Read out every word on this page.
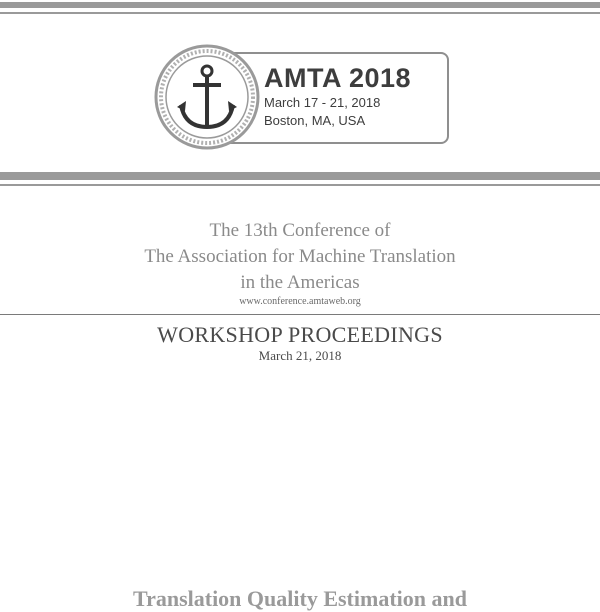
AMTA 2018
March 17 - 21, 2018
Boston, MA, USA
The 13th Conference of
The Association for Machine Translation
in the Americas
www.conference.amtaweb.org
WORKSHOP PROCEEDINGS
March 21, 2018
Translation Quality Estimation and
